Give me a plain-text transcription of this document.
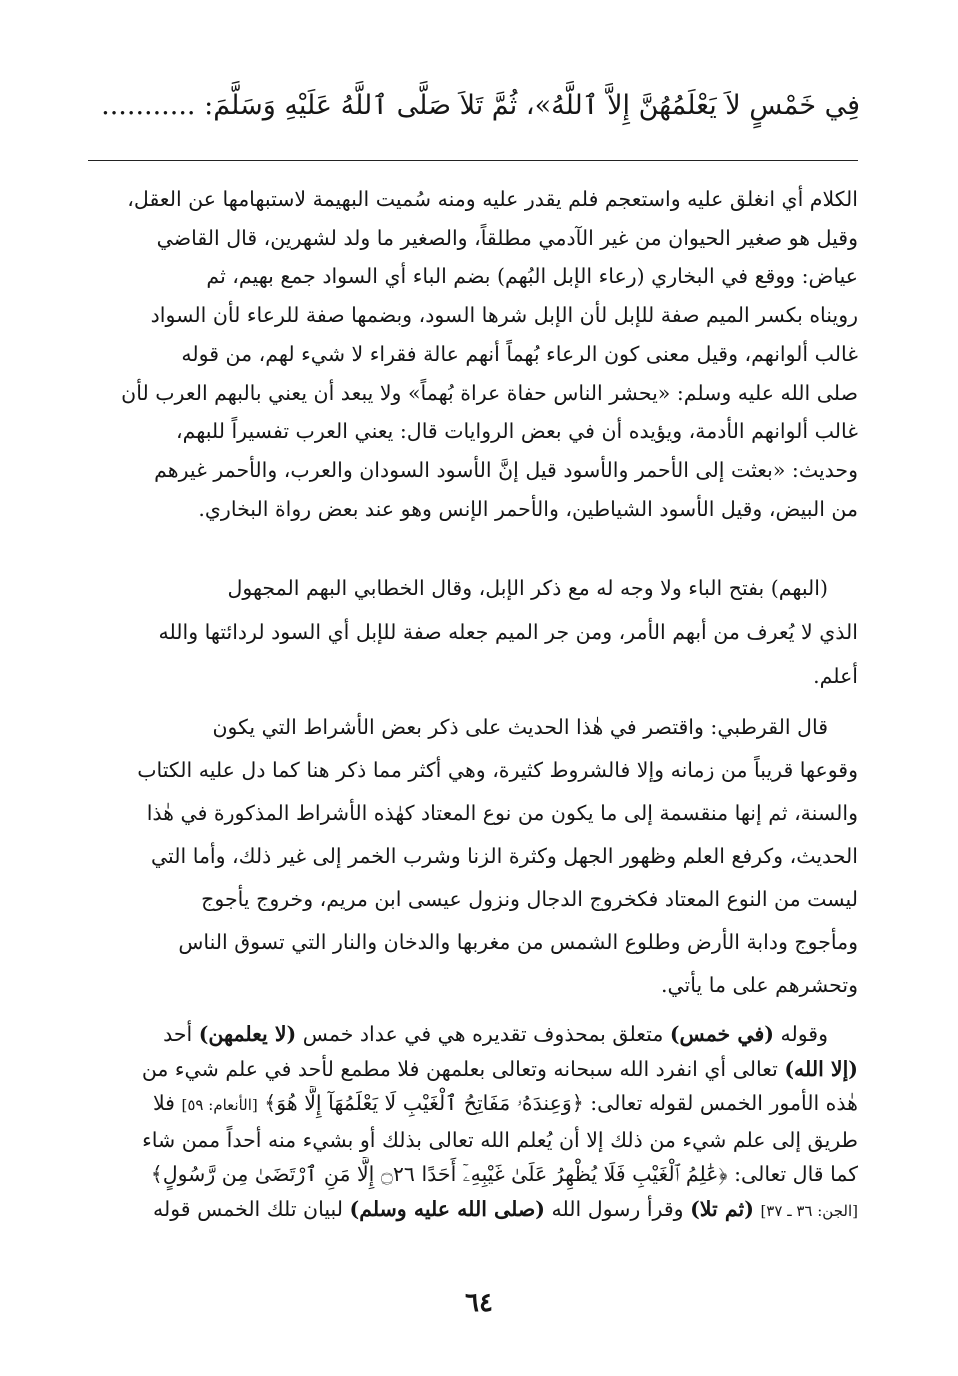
فِي خَمْسٍ لاَ يَعْلَمُهُنَّ إِلاَّ ٱللَّهُ»، ثُمَّ تَلاَ صَلَّى ٱللَّهُ عَلَيْهِ وَسَلَّمَ: ...........
الكلام أي انغلق عليه واستعجم فلم يقدر عليه ومنه سُميت البهيمة لاستبهامها عن العقل،
وقيل هو صغير الحيوان من غير الآدمي مطلقاً، والصغير ما ولد لشهرين، قال القاضي
عياض: ووقع في البخاري (رعاء الإبل البُهم) بضم الباء أي السواد جمع بهيم، ثم
رويناه بكسر الميم صفة للإبل لأن الإبل شرها السود، وبضمها صفة للرعاء لأن السواد
غالب ألوانهم، وقيل معنى كون الرعاء بُهماً أنهم عالة فقراء لا شيء لهم، من قوله
صلى الله عليه وسلم: «يحشر الناس حفاة عراة بُهماً» ولا يبعد أن يعني بالبهم العرب لأن
غالب ألوانهم الأدمة، ويؤيده أن في بعض الروايات قال: يعني العرب تفسيراً للبهم،
وحديث: «بعثت إلى الأحمر والأسود قيل إنَّ الأسود السودان والعرب، والأحمر غيرهم
من البيض، وقيل الأسود الشياطين، والأحمر الإنس وهو عند بعض رواة البخاري.
(البهم) بفتح الباء ولا وجه له مع ذكر الإبل، وقال الخطابي البهم المجهول
الذي لا يُعرف من أبهم الأمر، ومن جر الميم جعله صفة للإبل أي السود لردائتها والله
أعلم.
قال القرطبي: واقتصر في هٰذا الحديث على ذكر بعض الأشراط التي يكون
وقوعها قريباً من زمانه وإلا فالشروط كثيرة، وهي أكثر مما ذكر هنا كما دل عليه الكتاب
والسنة، ثم إنها منقسمة إلى ما يكون من نوع المعتاد كهٰذه الأشراط المذكورة في هٰذا
الحديث، وكرفع العلم وظهور الجهل وكثرة الزنا وشرب الخمر إلى غير ذلك، وأما التي
ليست من النوع المعتاد فكخروج الدجال ونزول عيسى ابن مريم، وخروج يأجوج
ومأجوج ودابة الأرض وطلوع الشمس من مغربها والدخان والنار التي تسوق الناس
وتحشرهم على ما يأتي.
وقوله (في خمس) متعلق بمحذوف تقديره هي في عداد خمس (لا يعلمهن) أحد
(إلا الله) تعالى أي انفرد الله سبحانه وتعالى بعلمهن فلا مطمع لأحد في علم شيء من
هٰذه الأمور الخمس لقوله تعالى: ﴿وَعِندَهُۥ مَفَاتِحُ ٱلْغَيْبِ لَا يَعْلَمُهَآ إِلَّا هُوَ﴾ [الأنعام: ٥٩] فلا
طريق إلى علم شيء من ذلك إلا أن يُعلم الله تعالى بذلك أو بشيء منه أحداً ممن شاء
كما قال تعالى: ﴿عَٰلِمُ ٱلْغَيْبِ فَلَا يُظْهِرُ عَلَىٰ غَيْبِهِۦٓ أَحَدًا ۝٢٦ إِلَّا مَنِ ٱرْتَضَىٰ مِن رَّسُولٍ﴾
[الجن: ٣٦ ـ ٣٧] (ثم تلا) وقرأ رسول الله (صلى الله عليه وسلم) لبيان تلك الخمس قوله
٦٤
